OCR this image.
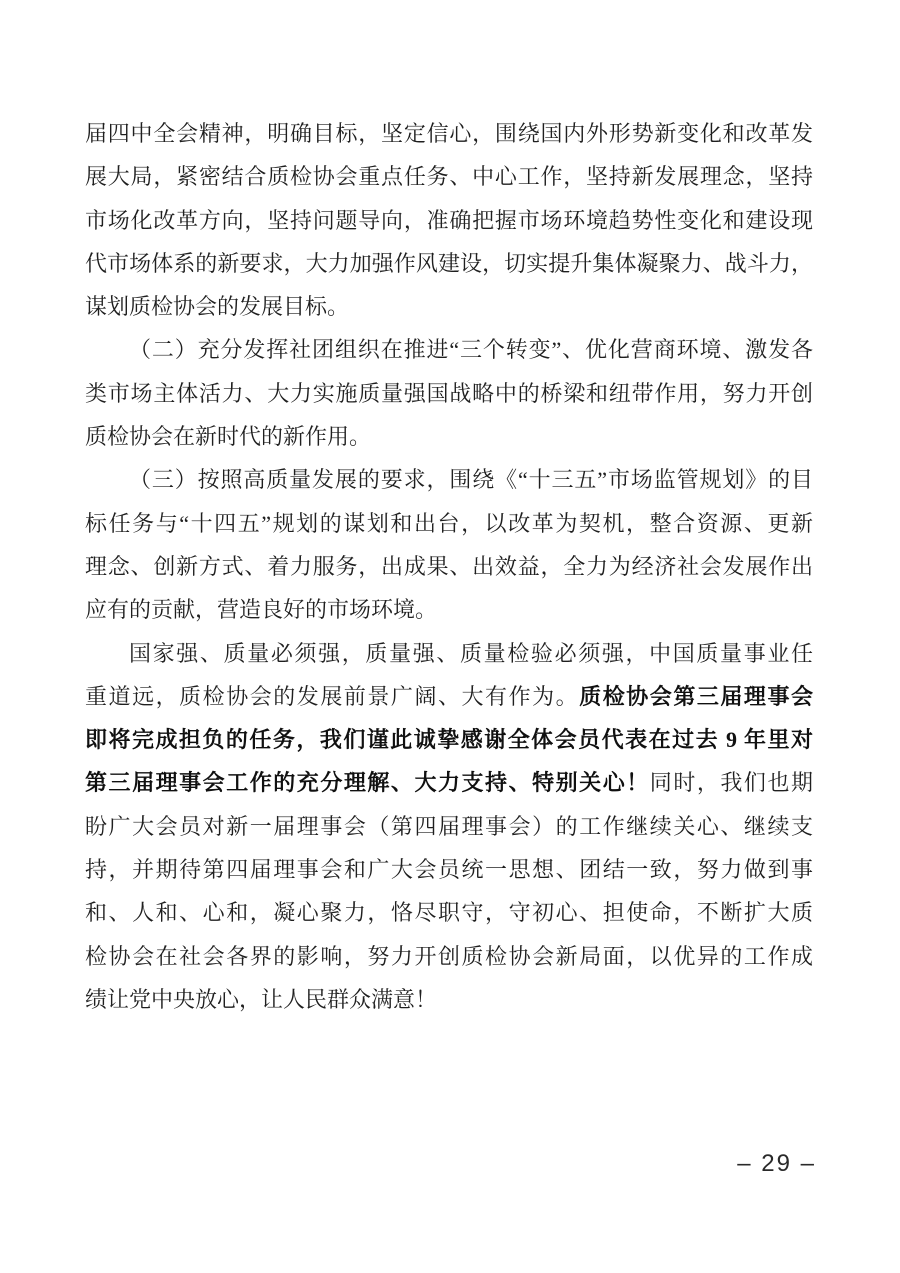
届四中全会精神，明确目标，坚定信心，围绕国内外形势新变化和改革发
展大局，紧密结合质检协会重点任务、中心工作，坚持新发展理念，坚持
市场化改革方向，坚持问题导向，准确把握市场环境趋势性变化和建设现
代市场体系的新要求，大力加强作风建设，切实提升集体凝聚力、战斗力，
谋划质检协会的发展目标。
（二）充分发挥社团组织在推进“三个转变”、优化营商环境、激发各
类市场主体活力、大力实施质量强国战略中的桥梁和纽带作用，努力开创
质检协会在新时代的新作用。
（三）按照高质量发展的要求，围绕《“十三五”市场监管规划》的目
标任务与“十四五”规划的谋划和出台，以改革为契机，整合资源、更新
理念、创新方式、着力服务，出成果、出效益，全力为经济社会发展作出
应有的贡献，营造良好的市场环境。
国家强、质量必须强，质量强、质量检验必须强，中国质量事业任
重道远，质检协会的发展前景广阔、大有作为。质检协会第三届理事会
即将完成担负的任务，我们谨此诚挚感谢全体会员代表在过去 9 年里对
第三届理事会工作的充分理解、大力支持、特别关心！同时，我们也期
盼广大会员对新一届理事会（第四届理事会）的工作继续关心、继续支
持，并期待第四届理事会和广大会员统一思想、团结一致，努力做到事
和、人和、心和，凝心聚力，恪尽职守，守初心、担使命，不断扩大质
检协会在社会各界的影响，努力开创质检协会新局面，以优异的工作成
绩让党中央放心，让人民群众满意！
– 29 –
